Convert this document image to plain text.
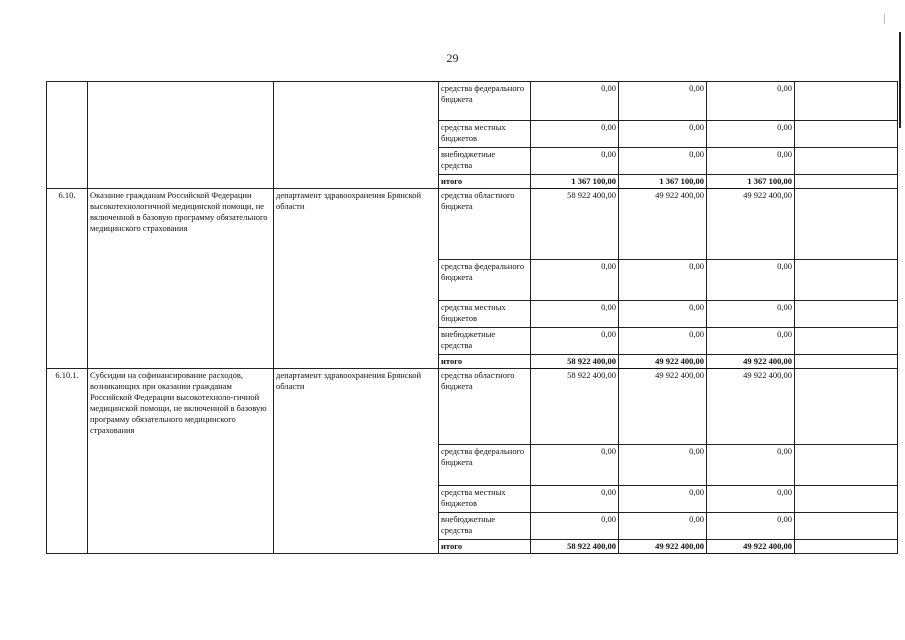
29
			средства федерального бюджета	0,00	0,00	0,00	
			средства местных бюджетов	0,00	0,00	0,00	
			внебюджетные средства	0,00	0,00	0,00	
			итого	1 367 100,00	1 367 100,00	1 367 100,00	
6.10.	Оказание гражданам Российской Федерации высокотехнологичной медицинской помощи, не включенной в базовую программу обязательного медицинского страхования	департамент здравоохранения Брянской области	средства областного бюджета	58 922 400,00	49 922 400,00	49 922 400,00	
			средства федерального бюджета	0,00	0,00	0,00	
			средства местных бюджетов	0,00	0,00	0,00	
			внебюджетные средства	0,00	0,00	0,00	
			итого	58 922 400,00	49 922 400,00	49 922 400,00	
6.10.1.	Субсидии на софинансирование расходов, возникающих при оказании гражданам Российской Федерации высокотехноло-гичной медицинской помощи, не включенной в базовую программу обязательного медицинского страхования	департамент здравоохранения Брянской области	средства областного бюджета	58 922 400,00	49 922 400,00	49 922 400,00	
			средства федерального бюджета	0,00	0,00	0,00	
			средства местных бюджетов	0,00	0,00	0,00	
			внебюджетные средства	0,00	0,00	0,00	
			итого	58 922 400,00	49 922 400,00	49 922 400,00	
